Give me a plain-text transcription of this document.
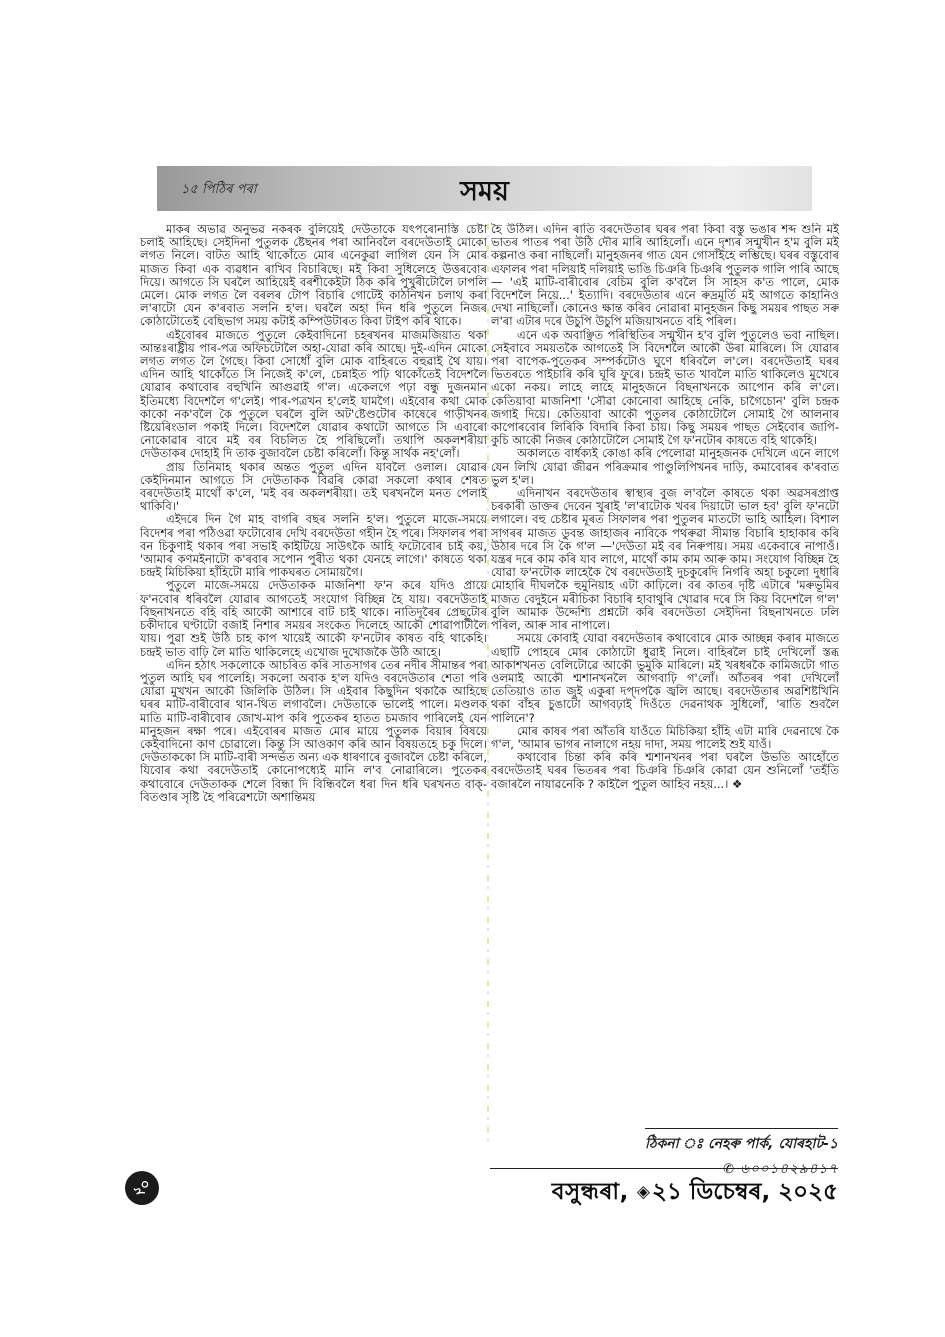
১৫ পিঠিৰ পৰা	সময়

মাকৰ অভাৱ অনুভৱ নকৰক বুলিয়েই দেউতাকে যৎপৰোনাস্তি চেষ্টা চলাই আহিছে। সেইদিনা পুতুলক ষ্টেছনৰ পৰা আনিবলৈ বৰদেউতাই মোকো লগত নিলে। বাটত আহি থাকোঁতে মোৰ এনেকুৱা লাগিল যেন সি মোৰ মাজত কিবা এক ব্যৱধান ৰাখিব বিচাৰিছে। মই কিবা সুধিলেহে উত্তৰবোৰ দিয়ে। আগতে সি ঘৰলৈ আহিয়েই বৰশীকেইটা ঠিক কৰি পুখুৰীটোলৈ ঢাপলি মেলে। মোক লগত লৈ বৰলৰ টোপ বিচাৰি গোটেই কাঠনিখন চলাথ কৰা ল'ৰাটো যেন ক'ৰবাত সলনি হ'ল। ঘৰলৈ অহা দিন ধৰি পুতুলে নিজৰ কোঠাটোতেই বেছিভাগ সময় কটাই কম্পিউটাৰত কিবা টাইপ কৰি থাকে।

এইবোৰৰ মাজতে পুতুলে কেইবাদিনো চহৰখনৰ মাজমজিয়াত থকা আন্তঃৰাষ্ট্ৰীয় পাৰ-পত্ৰ অফিচটোলৈ অহা-যোৱা কৰি আছে। দুই-এদিন মোকো লগত লগত লৈ গৈছে। কিবা সোধোঁ বুলি মোক বাহিৰতে বহুৱাই থৈ যায়। এদিন আহি থাকোঁতে সি নিজেই ক'লে, চেন্নাইত পঢ়ি থাকোঁতেই বিদেশলৈ যোৱাৰ কথাবোৰ বহুখিনি আগুৱাই গ'ল। একেলগে পঢ়া বন্ধু দুজনমান ইতিমধ্যে বিদেশলৈ গ'লেই। পাৰ-পত্ৰখন হ'লেই যামগৈ। এইবোৰ কথা মোক কাকো নক'বলৈ কৈ পুতুলে ঘৰলৈ বুলি অট'ষ্টেণ্ডটোৰ কাষেৰে গাড়ীখনৰ ষ্টিয়েৰিংডাল পকাই দিলে। বিদেশলৈ যোৱাৰ কথাটো আগতে সি এবাৰো নোকোৱাৰ বাবে মই বৰ বিচলিত হৈ পৰিছিলোঁ। তথাপি অকলশৰীয়া দেউতাকৰ দোহাই দি তাক বুজাবলৈ চেষ্টা কৰিলোঁ। কিন্তু সাৰ্থক নহ'লোঁ।

প্ৰায় তিনিমাহ থকাৰ অন্তত পুতুল এদিন যাবলৈ ওলাল। যোৱাৰ কেইদিনমান আগতে সি দেউতাকক বিৱৰি কোৱা সকলো কথাৰ শেষত বৰদেউতাই মাথোঁ ক'লে, 'মই বৰ অকলশৰীয়া। তই ঘৰখনলৈ মনত পেলাই থাকিবি।'

এইদৰে দিন গৈ মাহ বাগৰি বছৰ সলনি হ'ল। পুতুলে মাজে-সময়ে বিদেশৰ পৰা পঠিওৱা ফটোবোৰ দেখি বৰদেউতা গহীন হৈ পৰে। সিফালৰ পৰা বন চিকুণাই থকাৰ পৰা সভাই কাইটিয়ে সাউৎকৈ আহি ফটোবোৰ চাই কয়, 'আমাৰ কণমইনাটো ক'ৰবাৰ সপোন পুৰীত থকা যেনহে লাগে।' কাষতে থকা চন্দ্ৰই মিচিকিয়া হাঁহিটো মাৰি পাকঘৰত সোমায়গৈ।

পুতুলে মাজে-সময়ে দেউতাকক মাজনিশা ফ'ন কৰে যদিও প্ৰায়ে ফ'নবোৰ ধৰিবলৈ যোৱাৰ আগতেই সংযোগ বিচ্ছিন্ন হৈ যায়। বৰদেউতাই বিছনাখনতে বহি বহি আকৌ আশাৰে বাট চাই থাকে। নাতিদূৰৈৰ প্ৰেছটোৰ চকীদাৰে ঘণ্টাটো বজাই নিশাৰ সময়ৰ সংকেত দিলেহে আকৌ শোৱাপাটীলৈ যায়। পুৱা শুই উঠি চাহ কাপ খায়েই আকৌ ফ'নটোৰ কাষত বহি থাকেহি। চন্দ্ৰই ভাত বাঢ়ি লৈ মাতি থাকিলেহে এখোজ দুখোজকৈ উঠি আহে।

এদিন হঠাৎ সকলোকে আচৰিত কৰি সাতসাগৰ তেৰ নদীৰ সীমান্তৰ পৰা পুতুল আহি ঘৰ পালেহি। সকলো অবাক হ'ল যদিও বৰদেউতাৰ শেতা পৰি যোৱা মুখখন আকৌ জিলিকি উঠিল। সি এইবাৰ কিছুদিন থকাকৈ আহিছে ঘৰৰ মাটি-বাৰীবোৰ থান-থিত লগাবলৈ। দেউতাকে ভালেই পালে। মণ্ডলক মাতি মাটি-বাৰীবোৰ জোখ-মাপ কৰি পুতেকৰ হাতত চমজাব পাৰিলেই যেন মানুহজন ৰক্ষা পৰে। এইবোৰৰ মাজত মোৰ মায়ে পুতুলক বিয়াৰ বিষয়ে কেইবাদিনো কাণ চোৱালে। কিন্তু সি আওকাণ কৰি আন বিষয়তহে চকু দিলে। দেউতাককো সি মাটি-বাৰী সন্দৰ্ভত অন্য এক ধাৰণাৰে বুজাবলৈ চেষ্টা কৰিলে, যিবোৰ কথা বৰদেউতাই কোনোপধ্যেই মানি ল'ব নোৱাৰিলে। পুতেকৰ কথাবোৰে দেউতাকক শেলে বিন্ধা দি বিন্ধিবলৈ ধৰা দিন ধৰি ঘৰখনত বাক্-বিতণ্ডাৰ সৃষ্টি হৈ পৰিৱেশটো অশান্তিময়

হৈ উঠিল। এদিন ৰাতি বৰদেউতাৰ ঘৰৰ পৰা কিবা বস্তু ভঙাৰ শব্দ শুনি মই ভাতৰ পাতৰ পৰা উঠি দৌৰ মাৰি আহিলোঁ। এনে দৃশ্যৰ সন্মুখীন হ'ম বুলি মই কল্পনাও কৰা নাছিলোঁ। মানুহজনৰ গাত যেন গোসাঁইহে লম্ভিছে। ঘৰৰ বস্তুবোৰ এফালৰ পৰা দলিয়াই দলিয়াই ভাঙি চিঞৰি চিঞৰি পুতুলক গালি পাৰি আছে— 'এই মাটি-বাৰীবোৰ বেচিম বুলি ক'বলৈ সি সাহস ক'ত পালে, মোক বিদেশলৈ নিয়ে...' ইত্যাদি। বৰদেউতাৰ এনে ৰুদ্ৰমূৰ্তি মই আগতে কাহানিও দেখা নাছিলোঁ। কোনেও ক্ষান্ত কৰিব নোৱাৰা মানুহজন কিছু সময়ৰ পাছত সৰু ল'ৰা এটাৰ দৰে উচুপি উচুপি মজিয়াখনতে বহি পৰিল।

এনে এক অবাঞ্ছিত পৰিস্থিতিৰ সন্মুখীন হ'ব বুলি পুতুলেও ভবা নাছিল। সেইবাবে সময়তকৈ আগতেই সি বিদেশলৈ আকৌ উৰা মাৰিলে। সি যোৱাৰ পৰা বাপেক-পুতেকৰ সম্পৰ্কটোও ঘুণে ধৰিবলৈ ল'লে। বৰদেউতাই ঘৰৰ ভিতৰতে পাইচাৰি কৰি ঘূৰি ফুৰে। চন্দ্ৰই ভাত খাবলৈ মাতি থাকিলেও মুখেৰে একো নকয়। লাহে লাহে মানুহজনে বিছনাখনকে আপোন কৰি ল'লে। কেতিয়াবা মাজনিশা 'সৌৱা কোনোবা আহিছে নেকি, চাগৈচোন' বুলি চন্দ্ৰক জগাই দিয়ে। কেতিয়াবা আকৌ পুতুলৰ কোঠাটোলৈ সোমাই গৈ আলনাৰ কাপোৰবোৰ লিৰিকি বিদাৰি কিবা চায়। কিছু সময়ৰ পাছত সেইবোৰ জাপি-কুচি আকৌ নিজৰ কোঠাটোলৈ সোমাই গৈ ফ'নটোৰ কাষতে বহি থাকেহি।

অকালতে বাৰ্ধক্যই কোঙা কৰি পেলোৱা মানুহজনক দেখিলে এনে লাগে যেন লিখি যোৱা জীৱন পৰিক্ৰমাৰ পাণ্ডুলিপিখনৰ দাড়ি, কমাবোৰৰ ক'ৰবাত ভুল হ'ল।

এদিনাখন বৰদেউতাৰ স্বাস্থ্যৰ বুজ ল'বলৈ কাষতে থকা অৱসৰপ্ৰাপ্ত চৰকাৰী ডাক্তৰ দেবেন খুৰাই 'ল'ৰাটোক খবৰ দিয়াটো ভাল হব' বুলি ফ'নটো লগালে। বহু চেষ্টাৰ মূৰত সিফালৰ পৰা পুতুলৰ মাতটো ভাহি আহিল। বিশাল সাগৰৰ মাজত ডুবন্ত জাহাজৰ নাবিকে পথৰুৱা সীমান্ত বিচাৰি হাহাকাৰ কৰি উঠাৰ দৰে সি কৈ গ'ল —'দেউতা মই বৰ নিৰুপায়। সময় একেবাৰে নাপাওঁ। যন্ত্ৰৰ দৰে কাম কৰি যাব লাগে, মাথোঁ কাম কাম আৰু কাম। সংযোগ বিচ্ছিন্ন হৈ যোৱা ফ'নটোক লাহেকৈ থৈ বৰদেউতাই দুচকুৰেদি নিগৰি অহা চকুলো দুধাৰি মোহাৰি দীঘলকৈ হুমুনিয়াহ এটা কাঢ়িলে। বৰ কাতৰ দৃষ্টি এটাৰে 'মৰুভূমিৰ মাজত বেদুইনে মৰীচিকা বিচাৰি হাবাথুৰি খোৱাৰ দৰে সি কিয় বিদেশলৈ গ'ল' বুলি আমাক উদ্দেশ্যি প্ৰশ্নটো কৰি বৰদেউতা সেইদিনা বিছনাখনতে ঢলি পৰিল, আৰু সাৰ নাপালে।

সময়ে কোবাই যোৱা বৰদেউতাৰ কথাবোৰে মোক আচ্ছন্ন কৰাৰ মাজতে এছাটি পোহৰে মোৰ কোঠাটো ধুৱাই নিলে। বাহিৰলৈ চাই দেখিলোঁ স্তব্ধ আকাশখনত বেলিটোৱে আকৌ ভুমুকি মাৰিলে। মই খৰধৰকৈ কামিজটো গাত ওলমাই আকৌ শ্মশানখনলৈ আগবাঢ়ি গ'লোঁ। আঁতৰৰ পৰা দেখিলোঁ তেতিয়াও তাত জুই একুৰা দপ্‌দপকৈ জ্বলি আছে। বৰদেউতাৰ অৱশিষ্টখিনি থকা বাঁহৰ চুঙাটো আগবঢ়াই দিওঁতে দেৱনাথক সুধিলোঁ, 'ৰাতি শুবলৈ পালিনে'?

মোৰ কাষৰ পৰা আঁতৰি যাওঁতে মিচিকিয়া হাঁহি এটা মাৰি দেৱনাথে কৈ গ'ল, 'আমাৰ ভাগৰ নালাগে নহয় দাদা, সময় পালেই শুই যাওঁ।

কথাবোৰ চিন্তা কৰি কৰি শ্মশানখনৰ পৰা ঘৰলৈ উভতি আহোঁতে বৰদেউতাই ঘৰৰ ভিতৰৰ পৰা চিঞৰি চিঞৰি কোৱা যেন শুনিলোঁ 'তহঁতি বজাৰলৈ নাযাৱনেকি ? কাইলৈ পুতুল আহিব নহয়...। ❖

ঠিকনা ঃ নেহৰু পাৰ্ক, যোৰহাট-১
✆ ৬০০১৪২৯৪১৭
বসুন্ধৰা, ◈২১ ডিচেম্বৰ, ২০২৫
২০
